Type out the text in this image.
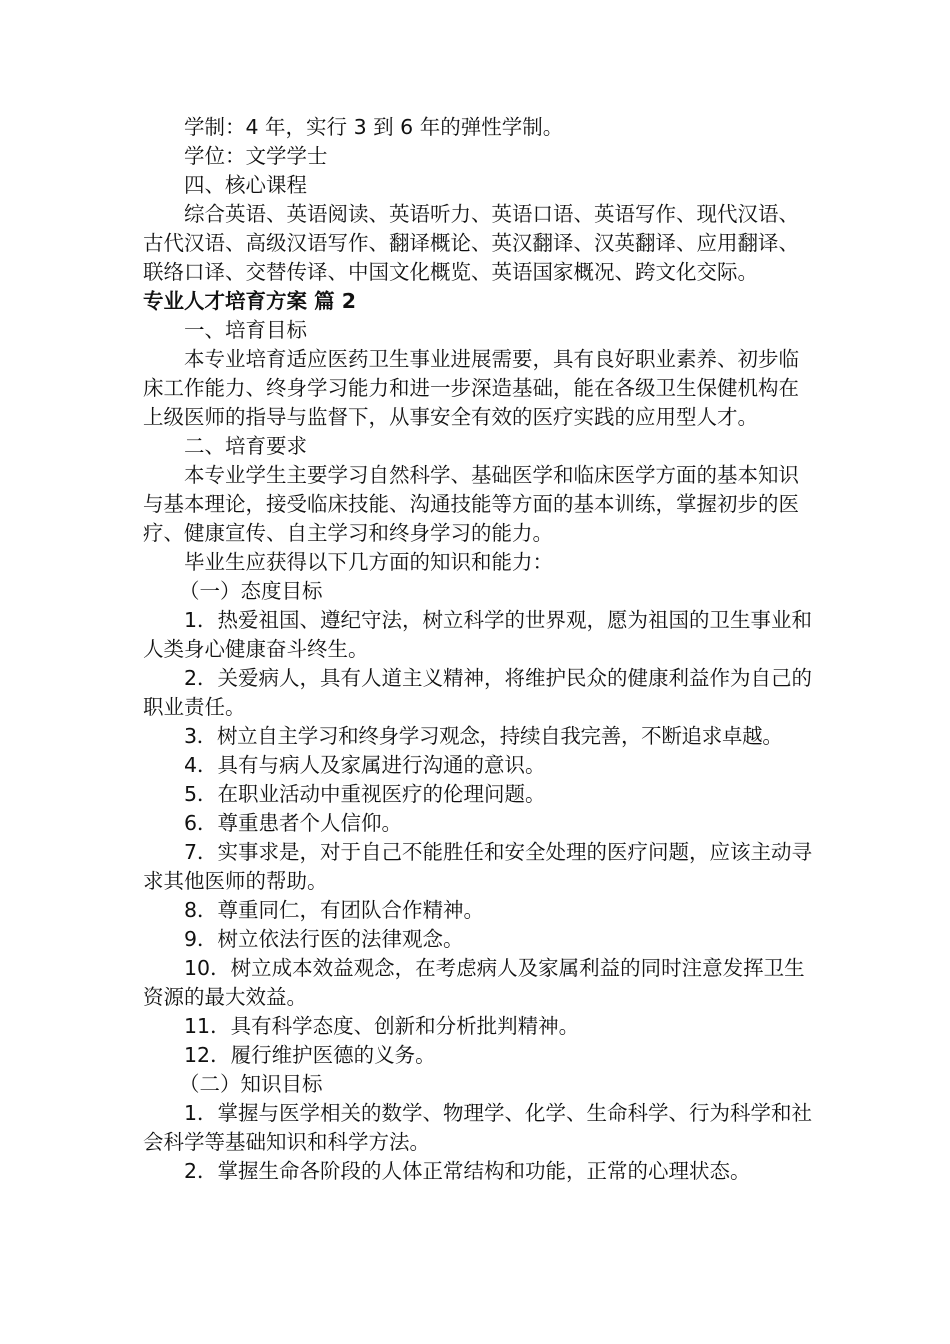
学制：4 年，实行 3 到 6 年的弹性学制。

学位：文学学士

四、核心课程

综合英语、英语阅读、英语听力、英语口语、英语写作、现代汉语、古代汉语、高级汉语写作、翻译概论、英汉翻译、汉英翻译、应用翻译、联络口译、交替传译、中国文化概览、英语国家概况、跨文化交际。

专业人才培育方案 篇 2

一、培育目标

本专业培育适应医药卫生事业进展需要，具有良好职业素养、初步临床工作能力、终身学习能力和进一步深造基础，能在各级卫生保健机构在上级医师的指导与监督下，从事安全有效的医疗实践的应用型人才。

二、培育要求

本专业学生主要学习自然科学、基础医学和临床医学方面的基本知识与基本理论，接受临床技能、沟通技能等方面的基本训练，掌握初步的医疗、健康宣传、自主学习和终身学习的能力。

毕业生应获得以下几方面的知识和能力：

（一）态度目标

1．热爱祖国、遵纪守法，树立科学的世界观，愿为祖国的卫生事业和人类身心健康奋斗终生。

2．关爱病人，具有人道主义精神，将维护民众的健康利益作为自己的职业责任。

3．树立自主学习和终身学习观念，持续自我完善，不断追求卓越。

4．具有与病人及家属进行沟通的意识。

5．在职业活动中重视医疗的伦理问题。

6．尊重患者个人信仰。

7．实事求是，对于自己不能胜任和安全处理的医疗问题，应该主动寻求其他医师的帮助。

8．尊重同仁，有团队合作精神。

9．树立依法行医的法律观念。

10．树立成本效益观念，在考虑病人及家属利益的同时注意发挥卫生资源的最大效益。

11．具有科学态度、创新和分析批判精神。

12．履行维护医德的义务。

（二）知识目标

1．掌握与医学相关的数学、物理学、化学、生命科学、行为科学和社会科学等基础知识和科学方法。

2．掌握生命各阶段的人体正常结构和功能，正常的心理状态。
